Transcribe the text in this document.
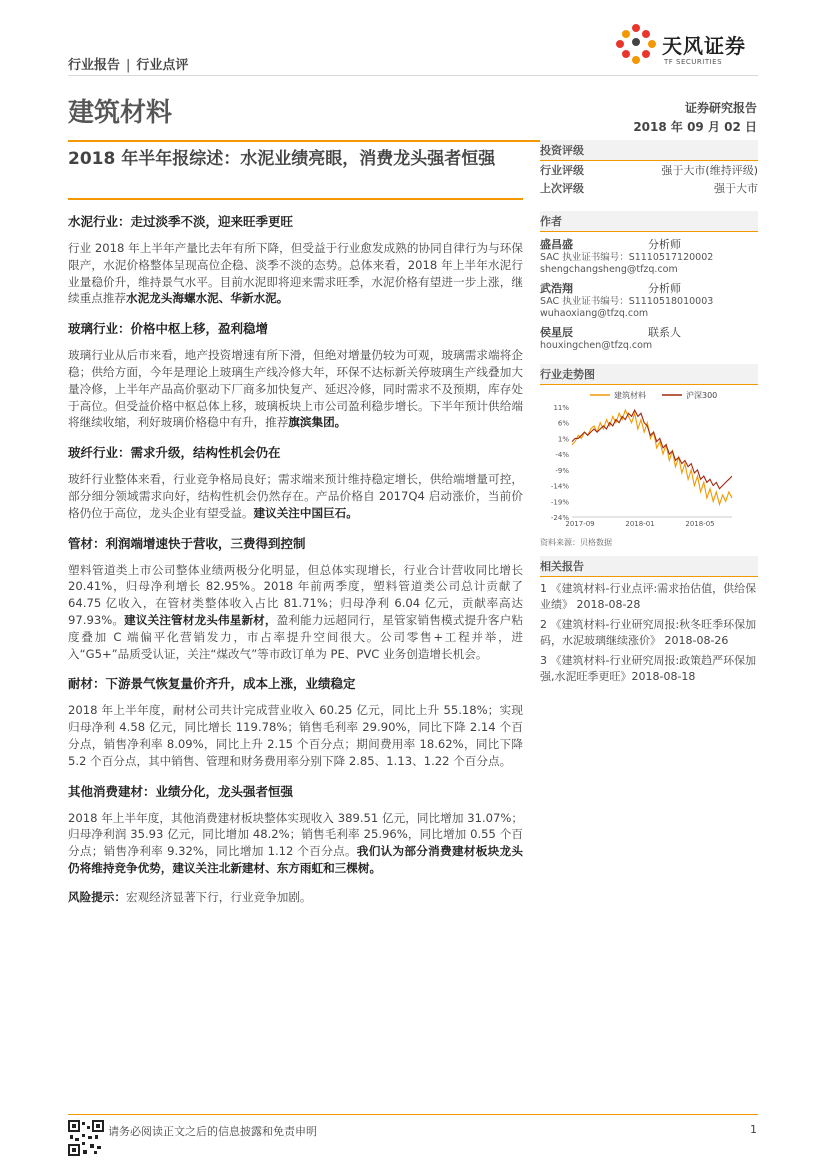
天风证券
TF SECURITIES
行业报告 | 行业点评
建筑材料	证券研究报告
2018 年 09 月 02 日
2018 年半年报综述：水泥业绩亮眼，消费龙头强者恒强
水泥行业：走过淡季不淡，迎来旺季更旺

行业 2018 年上半年产量比去年有所下降，但受益于行业愈发成熟的协同自律行为与环保限产，水泥价格整体呈现高位企稳、淡季不淡的态势。总体来看，2018 年上半年水泥行业量稳价升，维持景气水平。目前水泥即将迎来需求旺季，水泥价格有望进一步上涨，继续重点推荐水泥龙头海螺水泥、华新水泥。

玻璃行业：价格中枢上移，盈利稳增

玻璃行业从后市来看，地产投资增速有所下滑，但绝对增量仍较为可观，玻璃需求端将企稳；供给方面，今年是理论上玻璃生产线冷修大年，环保不达标新关停玻璃生产线叠加大量冷修，上半年产品高价驱动下厂商多加快复产、延迟冷修，同时需求不及预期，库存处于高位。但受益价格中枢总体上移，玻璃板块上市公司盈利稳步增长。下半年预计供给端将继续收缩，利好玻璃价格稳中有升，推荐旗滨集团。

玻纤行业：需求升级，结构性机会仍在

玻纤行业整体来看，行业竞争格局良好；需求端来预计维持稳定增长，供给端增量可控，部分细分领域需求向好，结构性机会仍然存在。产品价格自 2017Q4 启动涨价，当前价格仍位于高位，龙头企业有望受益。建议关注中国巨石。

管材：利润端增速快于营收，三费得到控制

塑料管道类上市公司整体业绩两极分化明显，但总体实现增长，行业合计营收同比增长 20.41%，归母净利增长 82.95%。2018 年前两季度，塑料管道类公司总计贡献了 64.75 亿收入，在管材类整体收入占比 81.71%；归母净利 6.04 亿元，贡献率高达 97.93%。建议关注管材龙头伟星新材，盈利能力远超同行，星管家销售模式提升客户粘度叠加 C 端偏平化营销发力，市占率提升空间很大。公司零售+工程并举，进入“G5+”品质受认证，关注“煤改气”等市政订单为 PE、PVC 业务创造增长机会。

耐材：下游景气恢复量价齐升，成本上涨，业绩稳定

2018 年上半年度，耐材公司共计完成营业收入 60.25 亿元，同比上升 55.18%；实现归母净利 4.58 亿元，同比增长 119.78%；销售毛利率 29.90%，同比下降 2.14 个百分点，销售净利率 8.09%，同比上升 2.15 个百分点；期间费用率 18.62%，同比下降 5.2 个百分点，其中销售、管理和财务费用率分别下降 2.85、1.13、1.22 个百分点。

其他消费建材：业绩分化，龙头强者恒强

2018 年上半年度，其他消费建材板块整体实现收入 389.51 亿元，同比增加 31.07%；归母净利润 35.93 亿元，同比增加 48.2%；销售毛利率 25.96%，同比增加 0.55 个百分点；销售净利率 9.32%，同比增加 1.12 个百分点。我们认为部分消费建材板块龙头仍将维持竞争优势，建议关注北新建材、东方雨虹和三棵树。

风险提示：宏观经济显著下行，行业竞争加剧。

投资评级
行业评级	强于大市(维持评级)
上次评级	强于大市
作者
盛昌盛	分析师
SAC 执业证书编号：S1110517120002
shengchangsheng@tfzq.com
武浩翔	分析师
SAC 执业证书编号：S1110518010003
wuhaoxiang@tfzq.com
侯星辰	联系人
houxingchen@tfzq.com
行业走势图
11%
6%
1%
-4%
-9%
-14%
-19%
-24%
2017-09	2018-01	2018-05
建筑材料	沪深300
资料来源：贝格数据
相关报告
1 《建筑材料-行业点评:需求抬估值，供给保业绩》 2018-08-28
2 《建筑材料-行业研究周报:秋冬旺季环保加码，水泥玻璃继续涨价》 2018-08-26
3 《建筑材料-行业研究周报:政策趋严环保加强,水泥旺季更旺》2018-08-18
请务必阅读正文之后的信息披露和免责申明	1
